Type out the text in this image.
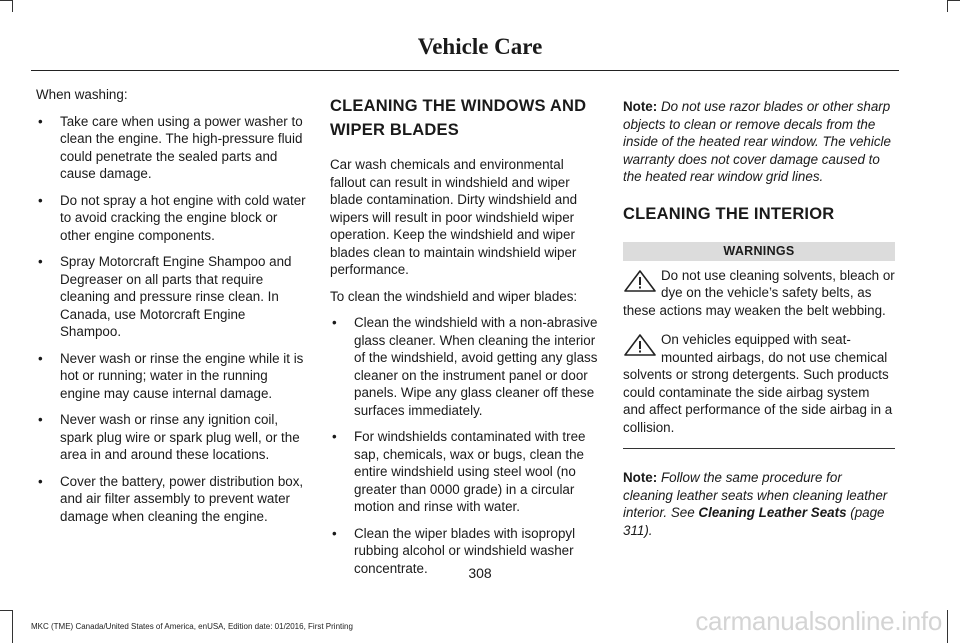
Vehicle Care

When washing:

• Take care when using a power washer to clean the engine. The high-pressure fluid could penetrate the sealed parts and cause damage.
• Do not spray a hot engine with cold water to avoid cracking the engine block or other engine components.
• Spray Motorcraft Engine Shampoo and Degreaser on all parts that require cleaning and pressure rinse clean. In Canada, use Motorcraft Engine Shampoo.
• Never wash or rinse the engine while it is hot or running; water in the running engine may cause internal damage.
• Never wash or rinse any ignition coil, spark plug wire or spark plug well, or the area in and around these locations.
• Cover the battery, power distribution box, and air filter assembly to prevent water damage when cleaning the engine.
CLEANING THE WINDOWS AND
WIPER BLADES

Car wash chemicals and environmental fallout can result in windshield and wiper blade contamination. Dirty windshield and wipers will result in poor windshield wiper operation. Keep the windshield and wiper blades clean to maintain windshield wiper performance.

To clean the windshield and wiper blades:

• Clean the windshield with a non-abrasive glass cleaner. When cleaning the interior of the windshield, avoid getting any glass cleaner on the instrument panel or door panels. Wipe any glass cleaner off these surfaces immediately.
• For windshields contaminated with tree sap, chemicals, wax or bugs, clean the entire windshield using steel wool (no greater than 0000 grade) in a circular motion and rinse with water.
• Clean the wiper blades with isopropyl rubbing alcohol or windshield washer concentrate.

Note: Do not use razor blades or other sharp objects to clean or remove decals from the inside of the heated rear window. The vehicle warranty does not cover damage caused to the heated rear window grid lines.

CLEANING THE INTERIOR
WARNINGS
Do not use cleaning solvents, bleach or dye on the vehicle’s safety belts, as these actions may weaken the belt webbing.
On vehicles equipped with seat-mounted airbags, do not use chemical solvents or strong detergents. Such products could contaminate the side airbag system and affect performance of the side airbag in a collision.

Note: Follow the same procedure for cleaning leather seats when cleaning leather interior. See Cleaning Leather Seats (page 311).

308
MKC (TME) Canada/United States of America, enUSA, Edition date: 01/2016, First Printing	carmanualsonline.info
